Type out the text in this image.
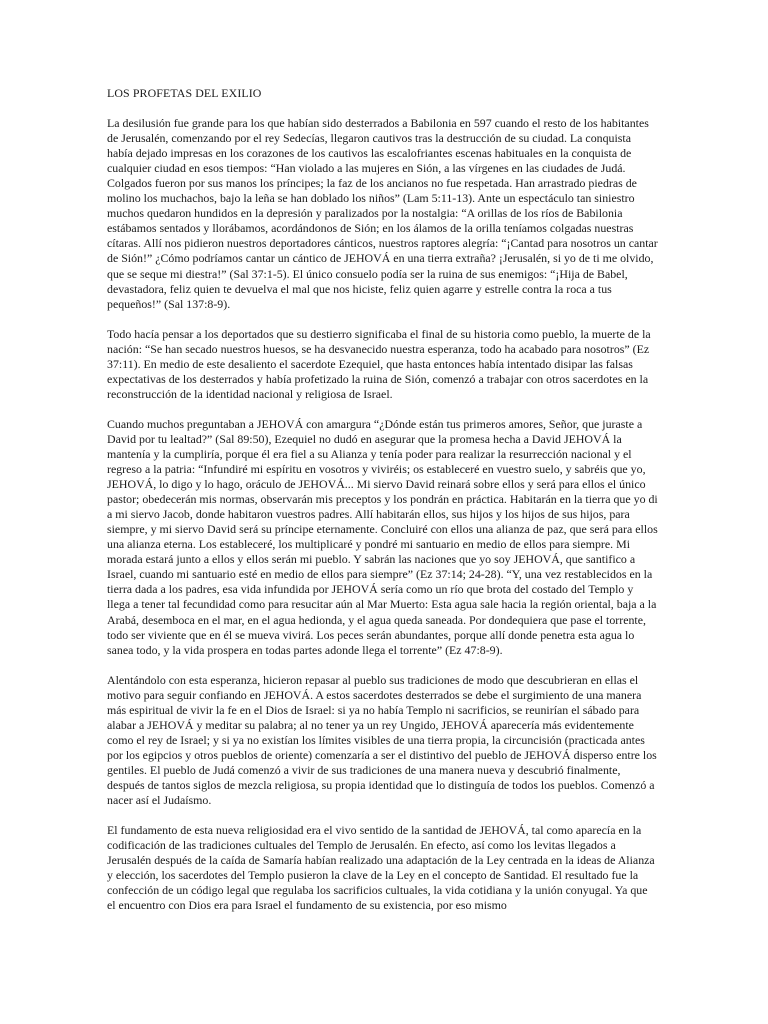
LOS PROFETAS DEL EXILIO

La desilusión fue grande para los que habían sido desterrados a Babilonia en 597 cuando el resto de los habitantes de Jerusalén, comenzando por el rey Sedecías, llegaron cautivos tras la destrucción de su ciudad. La conquista había dejado impresas en los corazones de los cautivos las escalofriantes escenas habituales en la conquista de cualquier ciudad en esos tiempos: “Han violado a las mujeres en Sión, a las vírgenes en las ciudades de Judá. Colgados fueron por sus manos los príncipes; la faz de los ancianos no fue respetada. Han arrastrado piedras de molino los muchachos, bajo la leña se han doblado los niños” (Lam 5:11-13). Ante un espectáculo tan siniestro muchos quedaron hundidos en la depresión y paralizados por la nostalgia: “A orillas de los ríos de Babilonia estábamos sentados y llorábamos, acordándonos de Sión; en los álamos de la orilla teníamos colgadas nuestras cítaras. Allí nos pidieron nuestros deportadores cánticos, nuestros raptores alegría: “¡Cantad para nosotros un cantar de Sión!” ¿Cómo podríamos cantar un cántico de JEHOVÁ en una tierra extraña? ¡Jerusalén, si yo de ti me olvido, que se seque mi diestra!” (Sal 37:1-5). El único consuelo podía ser la ruina de sus enemigos: “¡Hija de Babel, devastadora, feliz quien te devuelva el mal que nos hiciste, feliz quien agarre y estrelle contra la roca a tus pequeños!” (Sal 137:8-9).

Todo hacía pensar a los deportados que su destierro significaba el final de su historia como pueblo, la muerte de la nación: “Se han secado nuestros huesos, se ha desvanecido nuestra esperanza, todo ha acabado para nosotros” (Ez 37:11). En medio de este desaliento el sacerdote Ezequiel, que hasta entonces había intentado disipar las falsas expectativas de los desterrados y había profetizado la ruina de Sión, comenzó a trabajar con otros sacerdotes en la reconstrucción de la identidad nacional y religiosa de Israel.

Cuando muchos preguntaban a JEHOVÁ con amargura “¿Dónde están tus primeros amores, Señor, que juraste a David por tu lealtad?” (Sal 89:50), Ezequiel no dudó en asegurar que la promesa hecha a David JEHOVÁ la mantenía y la cumpliría, porque él era fiel a su Alianza y tenía poder para realizar la resurrección nacional y el regreso a la patria: “Infundiré mi espíritu en vosotros y viviréis; os estableceré en vuestro suelo, y sabréis que yo, JEHOVÁ, lo digo y lo hago, oráculo de JEHOVÁ... Mi siervo David reinará sobre ellos y será para ellos el único pastor; obedecerán mis normas, observarán mis preceptos y los pondrán en práctica. Habitarán en la tierra que yo di a mi siervo Jacob, donde habitaron vuestros padres. Allí habitarán ellos, sus hijos y los hijos de sus hijos, para siempre, y mi siervo David será su príncipe eternamente. Concluiré con ellos una alianza de paz, que será para ellos una alianza eterna. Los estableceré, los multiplicaré y pondré mi santuario en medio de ellos para siempre. Mi morada estará junto a ellos y ellos serán mi pueblo. Y sabrán las naciones que yo soy JEHOVÁ, que santifico a Israel, cuando mi santuario esté en medio de ellos para siempre” (Ez 37:14; 24-28). “Y, una vez restablecidos en la tierra dada a los padres, esa vida infundida por JEHOVÁ sería como un río que brota del costado del Templo y llega a tener tal fecundidad como para resucitar aún al Mar Muerto: Esta agua sale hacia la región oriental, baja a la Arabá, desemboca en el mar, en el agua hedionda, y el agua queda saneada. Por dondequiera que pase el torrente, todo ser viviente que en él se mueva vivirá. Los peces serán abundantes, porque allí donde penetra esta agua lo sanea todo, y la vida prospera en todas partes adonde llega el torrente” (Ez 47:8-9).

Alentándolo con esta esperanza, hicieron repasar al pueblo sus tradiciones de modo que descubrieran en ellas el motivo para seguir confiando en JEHOVÁ. A estos sacerdotes desterrados se debe el surgimiento de una manera más espiritual de vivir la fe en el Dios de Israel: si ya no había Templo ni sacrificios, se reunirían el sábado para alabar a JEHOVÁ y meditar su palabra; al no tener ya un rey Ungido, JEHOVÁ aparecería más evidentemente como el rey de Israel; y si ya no existían los límites visibles de una tierra propia, la circuncisión (practicada antes por los egipcios y otros pueblos de oriente) comenzaría a ser el distintivo del pueblo de JEHOVÁ disperso entre los gentiles. El pueblo de Judá comenzó a vivir de sus tradiciones de una manera nueva y descubrió finalmente, después de tantos siglos de mezcla religiosa, su propia identidad que lo distinguía de todos los pueblos. Comenzó a nacer así el Judaísmo.

El fundamento de esta nueva religiosidad era el vivo sentido de la santidad de JEHOVÁ, tal como aparecía en la codificación de las tradiciones cultuales del Templo de Jerusalén. En efecto, así como los levitas llegados a Jerusalén después de la caída de Samaría habían realizado una adaptación de la Ley centrada en la ideas de Alianza y elección, los sacerdotes del Templo pusieron la clave de la Ley en el concepto de Santidad. El resultado fue la confección de un código legal que regulaba los sacrificios cultuales, la vida cotidiana y la unión conyugal. Ya que el encuentro con Dios era para Israel el fundamento de su existencia, por eso mismo
